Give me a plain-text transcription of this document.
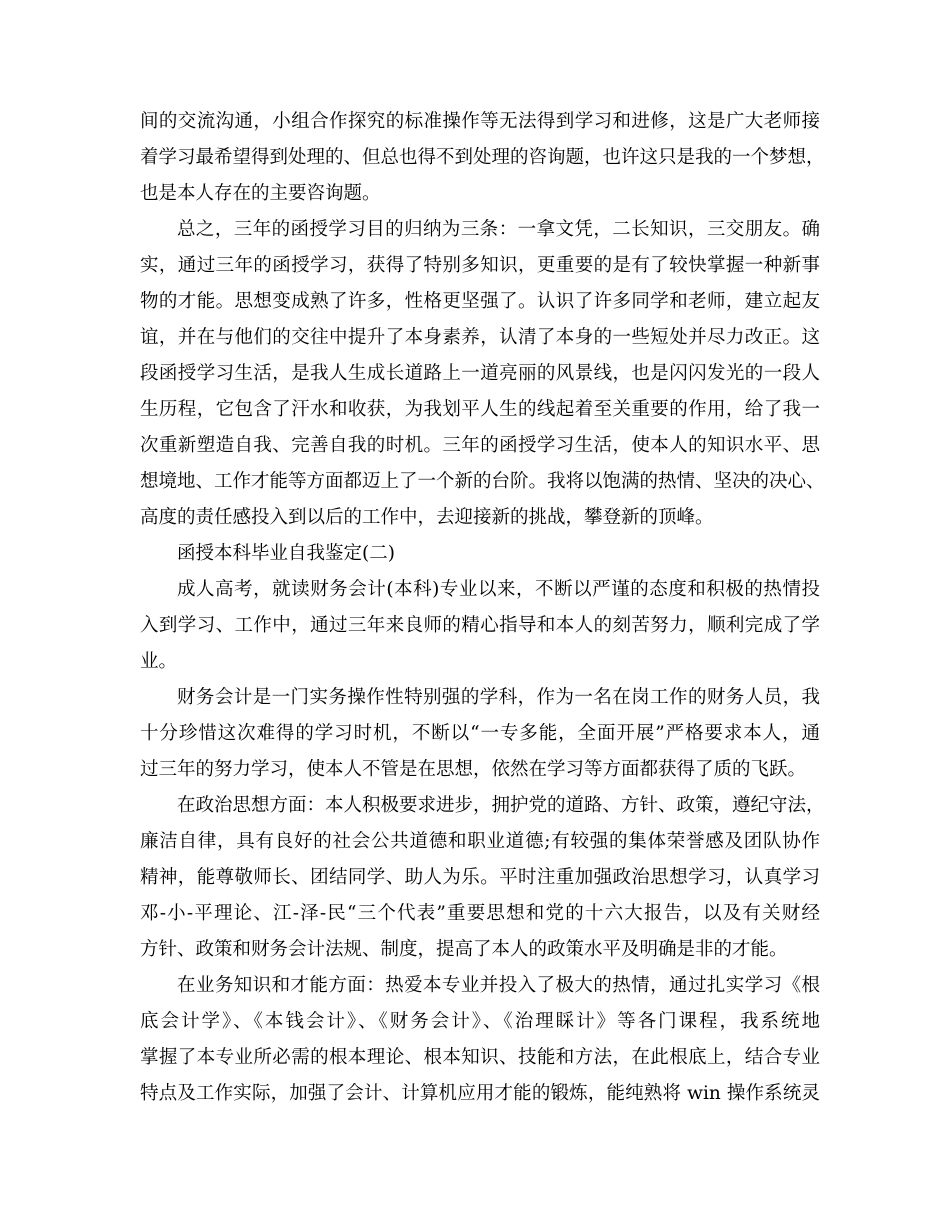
间的交流沟通，小组合作探究的标准操作等无法得到学习和进修，这是广大老师接
着学习最希望得到处理的、但总也得不到处理的咨询题，也许这只是我的一个梦想，
也是本人存在的主要咨询题。
总之，三年的函授学习目的归纳为三条：一拿文凭，二长知识，三交朋友。确
实，通过三年的函授学习，获得了特别多知识，更重要的是有了较快掌握一种新事
物的才能。思想变成熟了许多，性格更坚强了。认识了许多同学和老师，建立起友
谊，并在与他们的交往中提升了本身素养，认清了本身的一些短处并尽力改正。这
段函授学习生活，是我人生成长道路上一道亮丽的风景线，也是闪闪发光的一段人
生历程，它包含了汗水和收获，为我划平人生的线起着至关重要的作用，给了我一
次重新塑造自我、完善自我的时机。三年的函授学习生活，使本人的知识水平、思
想境地、工作才能等方面都迈上了一个新的台阶。我将以饱满的热情、坚决的决心、
高度的责任感投入到以后的工作中，去迎接新的挑战，攀登新的顶峰。
函授本科毕业自我鉴定(二)
成人高考，就读财务会计(本科)专业以来，不断以严谨的态度和积极的热情投
入到学习、工作中，通过三年来良师的精心指导和本人的刻苦努力，顺利完成了学
业。
财务会计是一门实务操作性特别强的学科，作为一名在岗工作的财务人员，我
十分珍惜这次难得的学习时机，不断以“一专多能，全面开展”严格要求本人，通
过三年的努力学习，使本人不管是在思想，依然在学习等方面都获得了质的飞跃。
在政治思想方面：本人积极要求进步，拥护党的道路、方针、政策，遵纪守法，
廉洁自律，具有良好的社会公共道德和职业道德;有较强的集体荣誉感及团队协作
精神，能尊敬师长、团结同学、助人为乐。平时注重加强政治思想学习，认真学习
邓-小-平理论、江-泽-民“三个代表”重要思想和党的十六大报告，以及有关财经
方针、政策和财务会计法规、制度，提高了本人的政策水平及明确是非的才能。
在业务知识和才能方面：热爱本专业并投入了极大的热情，通过扎实学习《根
底会计学》、《本钱会计》、《财务会计》、《治理睬计》等各门课程，我系统地
掌握了本专业所必需的根本理论、根本知识、技能和方法，在此根底上，结合专业
特点及工作实际，加强了会计、计算机应用才能的锻炼，能纯熟将 win 操作系统灵
